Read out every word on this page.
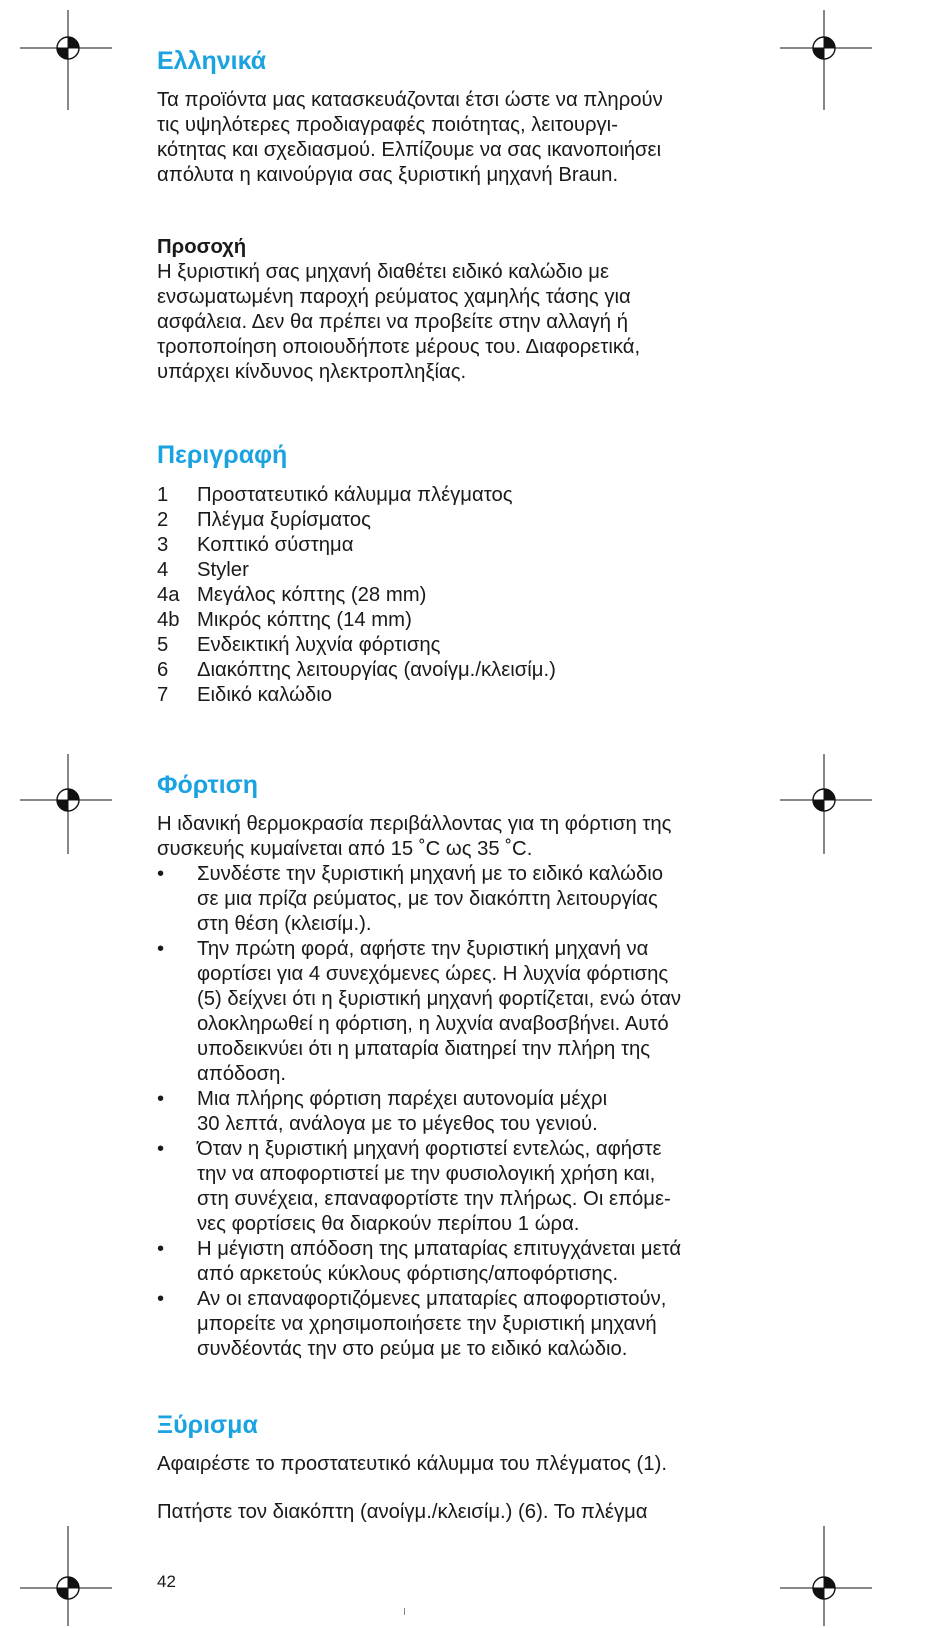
Ελληνικά

Τα προϊόντα μας κατασκευάζονται έτσι ώστε να πληρούν
τις υψηλότερες προδιαγραφές ποιότητας, λειτουργι-
κότητας και σχεδιασμού. Ελπίζουμε να σας ικανοποιήσει
απόλυτα η καινούργια σας ξυριστική μηχανή Braun.

Προσοχή
Η ξυριστική σας μηχανή διαθέτει ειδικό καλώδιο με
ενσωματωμένη παροχή ρεύματος χαμηλής τάσης για
ασφάλεια. Δεν θα πρέπει να προβείτε στην αλλαγή ή
τροποποίηση οποιουδήποτε μέρους του. Διαφορετικά,
υπάρχει κίνδυνος ηλεκτροπληξίας.

Περιγραφή
1	Προστατευτικό κάλυμμα πλέγματος
2	Πλέγμα ξυρίσματος
3	Κοπτικό σύστημα
4	Styler
4a Μεγάλος κόπτης (28 mm)
4b Μικρός κόπτης (14 mm)
5	Ενδεικτική λυχνία φόρτισης
6	Διακόπτης λειτουργίας (ανοίγμ./κλεισίμ.)
7	Ειδικό καλώδιο
Φόρτιση

Η ιδανική θερμοκρασία περιβάλλοντας για τη φόρτιση της
συσκευής κυμαίνεται από 15 ˚C ως 35 ˚C.

•	Συνδέστε την ξυριστική μηχανή με το ειδικό καλώδιο
σε μια πρίζα ρεύματος, με τον διακόπτη λειτουργίας
στη θέση (κλεισίμ.).
•	Την πρώτη φορά, αφήστε την ξυριστική μηχανή να
φορτίσει για 4 συνεχόμενες ώρες. Η λυχνία φόρτισης
(5) δείχνει ότι η ξυριστική μηχανή φορτίζεται, ενώ όταν
ολοκληρωθεί η φόρτιση, η λυχνία αναβοσβήνει. Αυτό
υποδεικνύει ότι η μπαταρία διατηρεί την πλήρη της
απόδοση.
•	Μια πλήρης φόρτιση παρέχει αυτονομία μέχρι
30 λεπτά, ανάλογα με το μέγεθος του γενιού.
•	Όταν η ξυριστική μηχανή φορτιστεί εντελώς, αφήστε
την να αποφορτιστεί με την φυσιολογική χρήση και,
στη συνέχεια, επαναφορτίστε την πλήρως. Οι επόμε-
νες φορτίσεις θα διαρκούν περίπου 1 ώρα.
•	Η μέγιστη απόδοση της μπαταρίας επιτυγχάνεται μετά
από αρκετούς κύκλους φόρτισης/αποφόρτισης.
•	Αν οι επαναφορτιζόμενες μπαταρίες αποφορτιστούν,
μπορείτε να χρησιμοποιήσετε την ξυριστική μηχανή
συνδέοντάς την στο ρεύμα με το ειδικό καλώδιο.
Ξύρισμα

Αφαιρέστε το προστατευτικό κάλυμμα του πλέγματος (1).

Πατήστε τον διακόπτη (ανοίγμ./κλεισίμ.) (6). Το πλέγμα

42
